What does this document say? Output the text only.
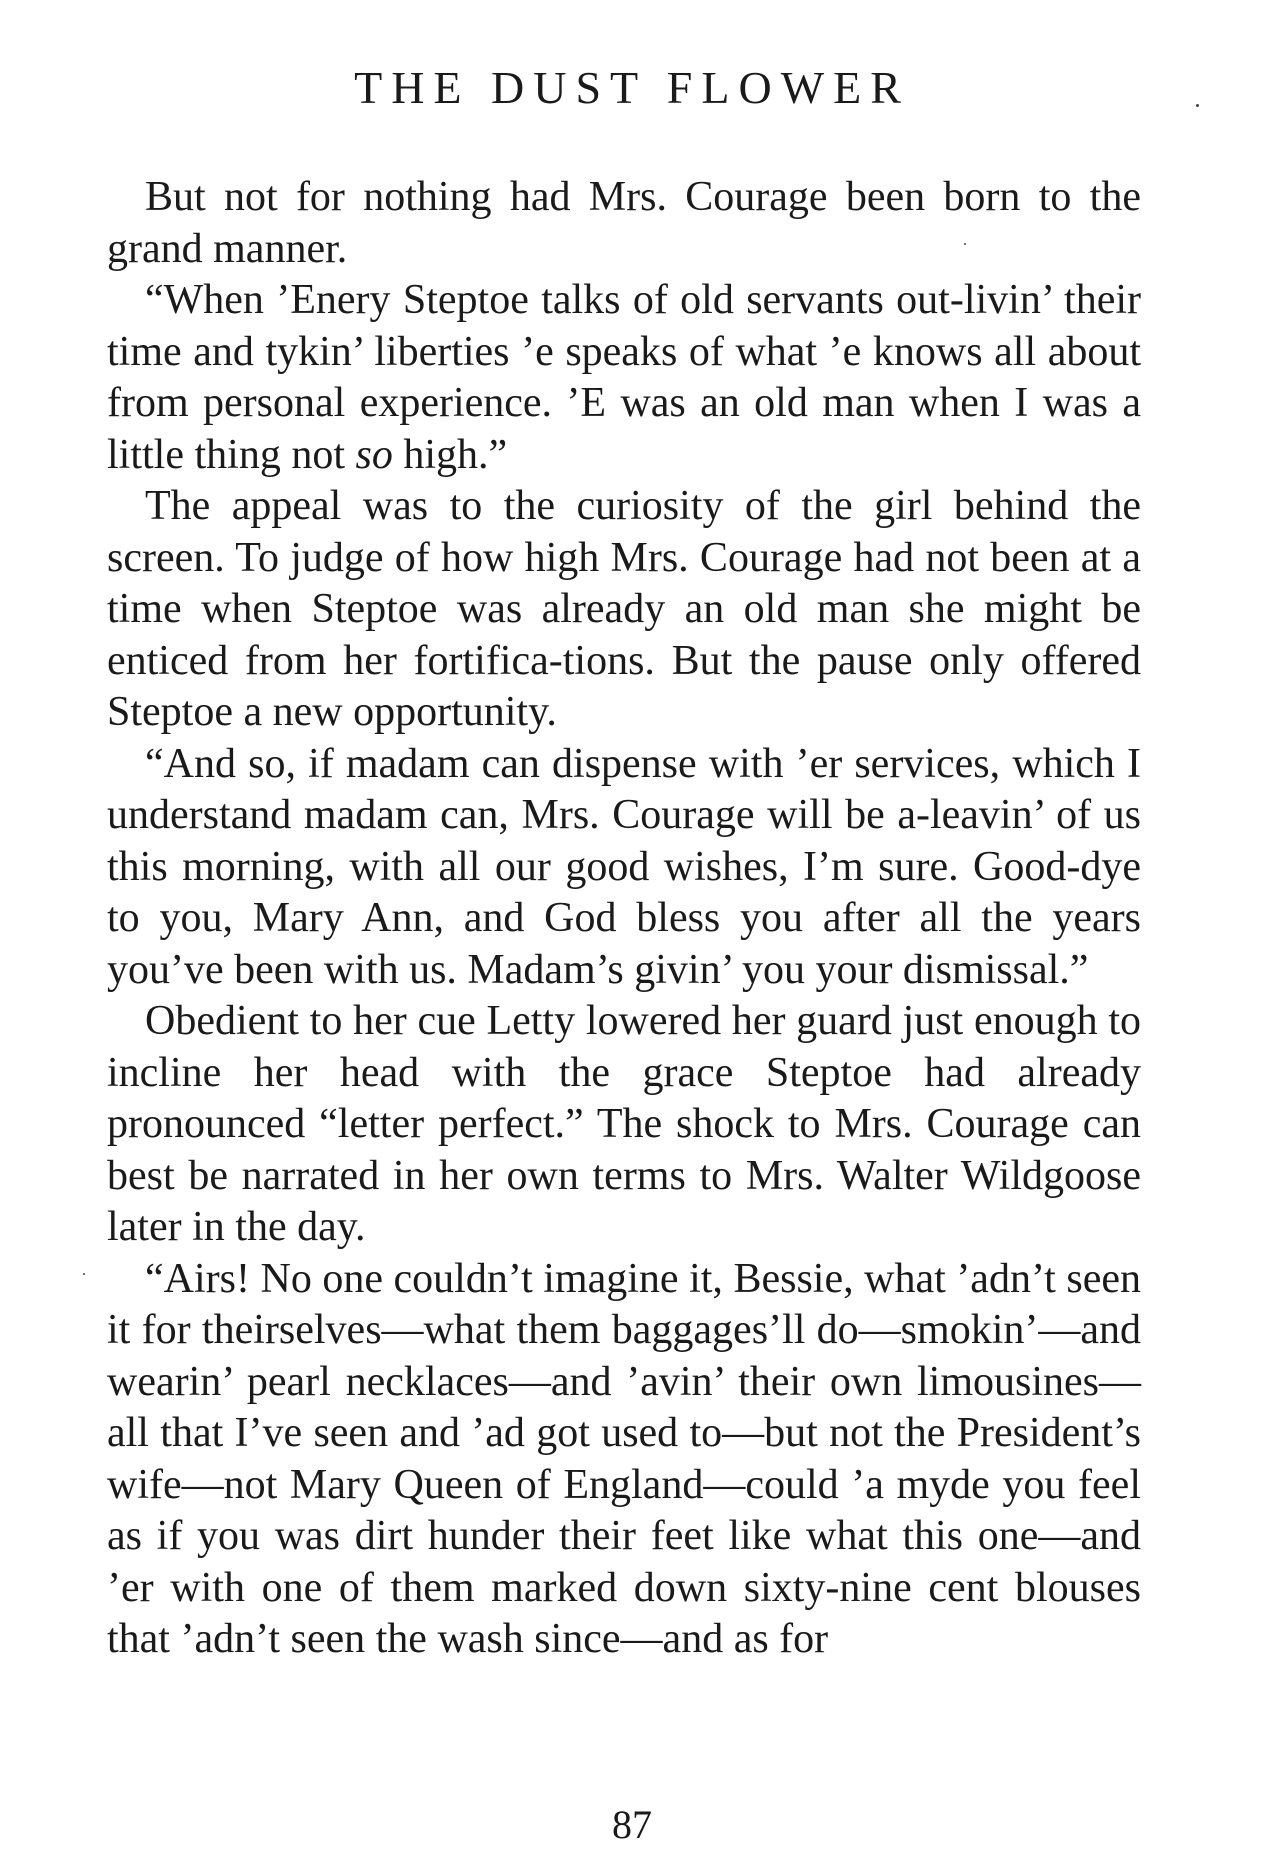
THE DUST FLOWER

But not for nothing had Mrs. Courage been born to the grand manner.

“When ’Enery Steptoe talks of old servants out-livin’ their time and tykin’ liberties ’e speaks of what ’e knows all about from personal experience. ’E was an old man when I was a little thing not so high.”

The appeal was to the curiosity of the girl behind the screen. To judge of how high Mrs. Courage had not been at a time when Steptoe was already an old man she might be enticed from her fortifica-tions. But the pause only offered Steptoe a new opportunity.

“And so, if madam can dispense with ’er services, which I understand madam can, Mrs. Courage will be a-leavin’ of us this morning, with all our good wishes, I’m sure. Good-dye to you, Mary Ann, and God bless you after all the years you’ve been with us. Madam’s givin’ you your dismissal.”

Obedient to her cue Letty lowered her guard just enough to incline her head with the grace Steptoe had already pronounced “letter perfect.” The shock to Mrs. Courage can best be narrated in her own terms to Mrs. Walter Wildgoose later in the day.

“Airs! No one couldn’t imagine it, Bessie, what ’adn’t seen it for theirselves—what them baggages’ll do—smokin’—and wearin’ pearl necklaces—and ’avin’ their own limousines—all that I’ve seen and ’ad got used to—but not the President’s wife—not Mary Queen of England—could ’a myde you feel as if you was dirt hunder their feet like what this one—and ’er with one of them marked down sixty-nine cent blouses that ’adn’t seen the wash since—and as for

87
